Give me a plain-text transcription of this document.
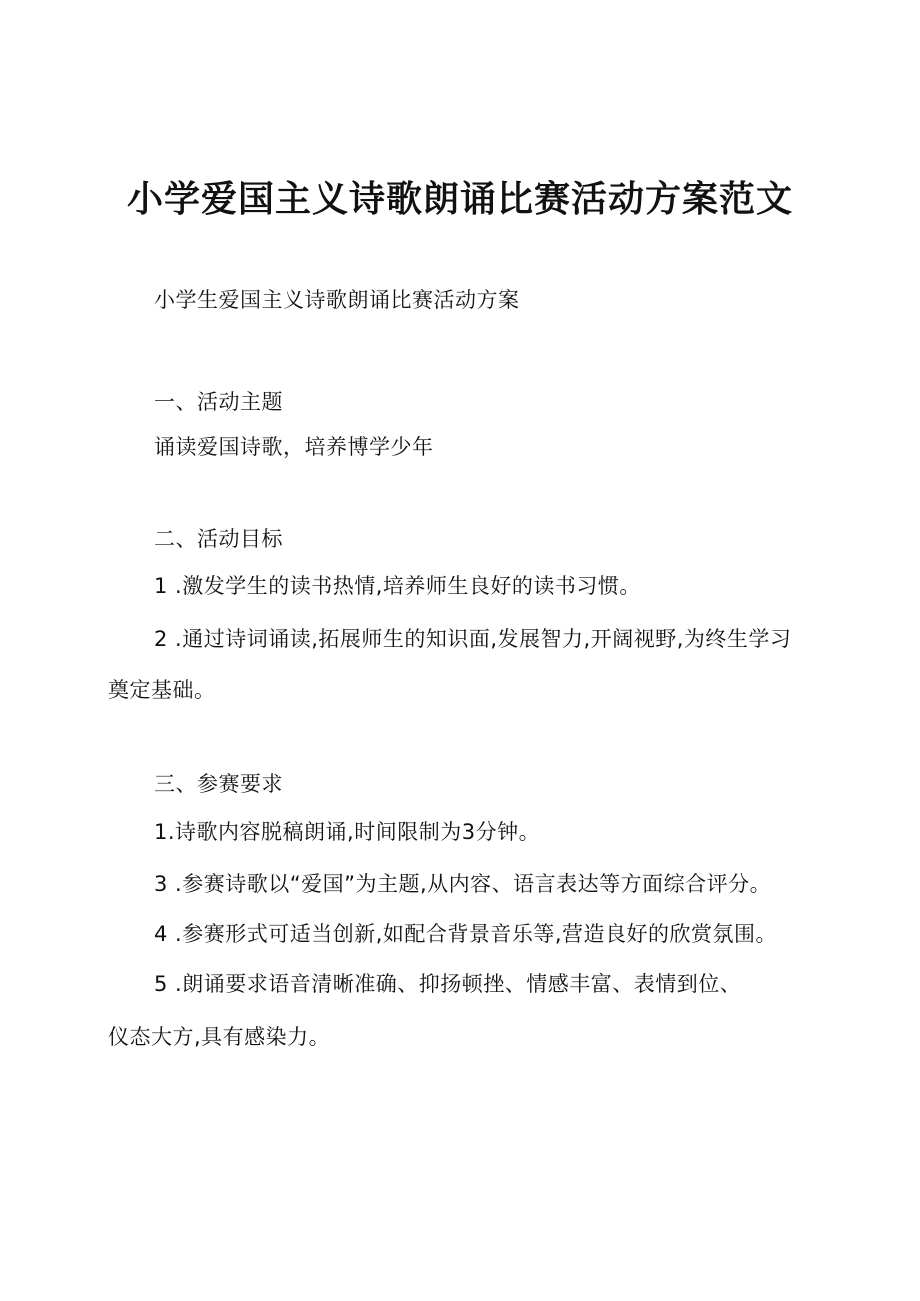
小学爱国主义诗歌朗诵比赛活动方案范文
小学生爱国主义诗歌朗诵比赛活动方案
一、活动主题
诵读爱国诗歌，培养博学少年
二、活动目标
1 .激发学生的读书热情,培养师生良好的读书习惯。
2 .通过诗词诵读,拓展师生的知识面,发展智力,开阔视野,为终生学习
奠定基础。
三、参赛要求
1.诗歌内容脱稿朗诵,时间限制为3分钟。
3 .参赛诗歌以“爱国”为主题,从内容、语言表达等方面综合评分。
4 .参赛形式可适当创新,如配合背景音乐等,营造良好的欣赏氛围。
5 .朗诵要求语音清晰准确、抑扬顿挫、情感丰富、表情到位、
仪态大方,具有感染力。
